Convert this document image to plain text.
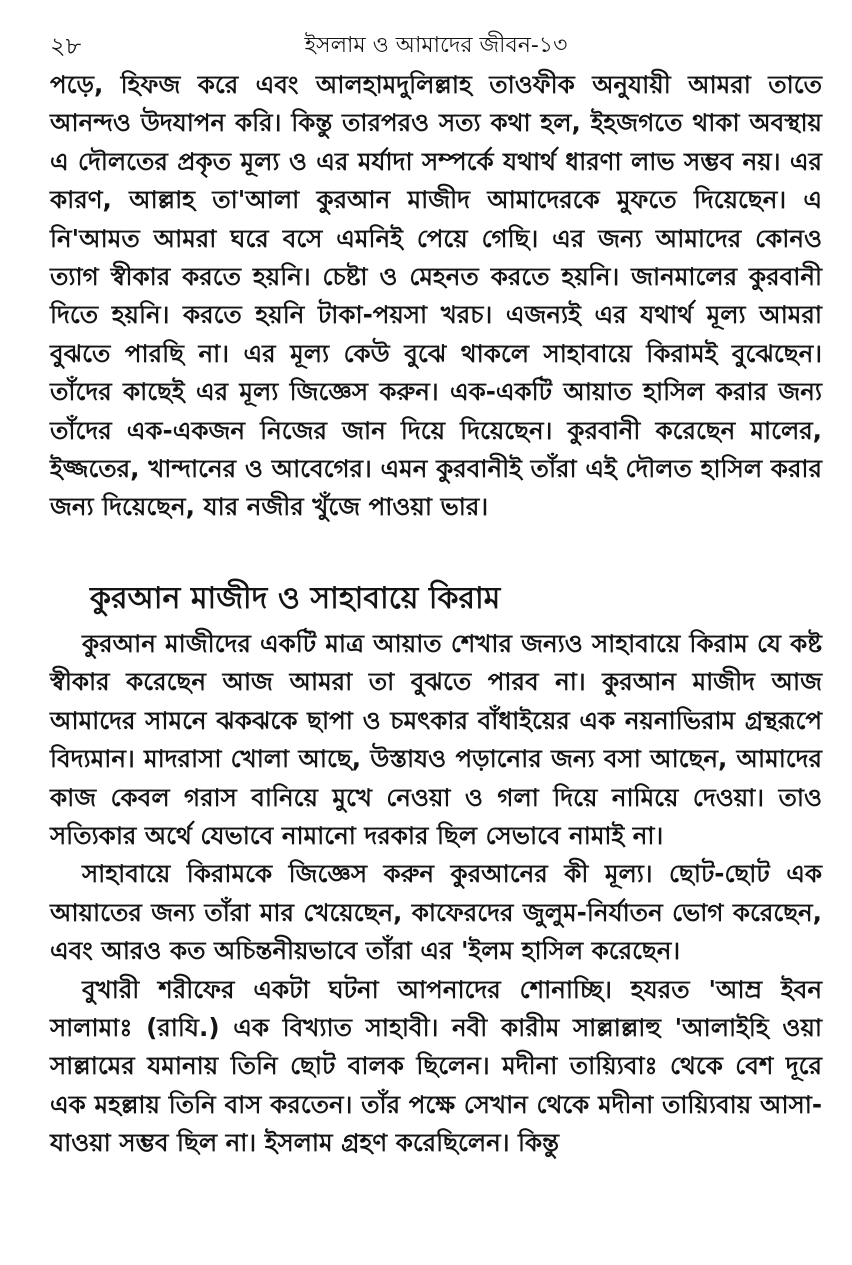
২৮	ইসলাম ও আমাদের জীবন-১৩

পড়ে, হিফজ করে এবং আলহামদুলিল্লাহ তাওফীক অনুযায়ী আমরা তাতে আনন্দও উদযাপন করি। কিন্তু তারপরও সত্য কথা হল, ইহজগতে থাকা অবস্থায় এ দৌলতের প্রকৃত মূল্য ও এর মর্যাদা সম্পর্কে যথার্থ ধারণা লাভ সম্ভব নয়। এর কারণ, আল্লাহ তা'আলা কুরআন মাজীদ আমাদেরকে মুফতে দিয়েছেন। এ নি'আমত আমরা ঘরে বসে এমনিই পেয়ে গেছি। এর জন্য আমাদের কোনও ত্যাগ স্বীকার করতে হয়নি। চেষ্টা ও মেহনত করতে হয়নি। জানমালের কুরবানী দিতে হয়নি। করতে হয়নি টাকা-পয়সা খরচ। এজন্যই এর যথার্থ মূল্য আমরা বুঝতে পারছি না। এর মূল্য কেউ বুঝে থাকলে সাহাবায়ে কিরামই বুঝেছেন। তাঁদের কাছেই এর মূল্য জিজ্ঞেস করুন। এক-একটি আয়াত হাসিল করার জন্য তাঁদের এক-একজন নিজের জান দিয়ে দিয়েছেন। কুরবানী করেছেন মালের, ইজ্জতের, খান্দানের ও আবেগের। এমন কুরবানীই তাঁরা এই দৌলত হাসিল করার জন্য দিয়েছেন, যার নজীর খুঁজে পাওয়া ভার।

কুরআন মাজীদ ও সাহাবায়ে কিরাম

কুরআন মাজীদের একটি মাত্র আয়াত শেখার জন্যও সাহাবায়ে কিরাম যে কষ্ট স্বীকার করেছেন আজ আমরা তা বুঝতে পারব না। কুরআন মাজীদ আজ আমাদের সামনে ঝকঝকে ছাপা ও চমৎকার বাঁধাইয়ের এক নয়নাভিরাম গ্রন্থরূপে বিদ্যমান। মাদরাসা খোলা আছে, উস্তাযও পড়ানোর জন্য বসা আছেন, আমাদের কাজ কেবল গরাস বানিয়ে মুখে নেওয়া ও গলা দিয়ে নামিয়ে দেওয়া। তাও সত্যিকার অর্থে যেভাবে নামানো দরকার ছিল সেভাবে নামাই না।

সাহাবায়ে কিরামকে জিজ্ঞেস করুন কুরআনের কী মূল্য। ছোট-ছোট এক আয়াতের জন্য তাঁরা মার খেয়েছেন, কাফেরদের জুলুম-নির্যাতন ভোগ করেছেন, এবং আরও কত অচিন্তনীয়ভাবে তাঁরা এর 'ইলম হাসিল করেছেন।

বুখারী শরীফের একটা ঘটনা আপনাদের শোনাচ্ছি। হযরত 'আম্র ইবন সালামাঃ (রাযি.) এক বিখ্যাত সাহাবী। নবী কারীম সাল্লাল্লাহু 'আলাইহি ওয়া সাল্লামের যমানায় তিনি ছোট বালক ছিলেন। মদীনা তায়্যিবাঃ থেকে বেশ দূরে এক মহল্লায় তিনি বাস করতেন। তাঁর পক্ষে সেখান থেকে মদীনা তায়্যিবায় আসা-যাওয়া সম্ভব ছিল না। ইসলাম গ্রহণ করেছিলেন। কিন্তু
